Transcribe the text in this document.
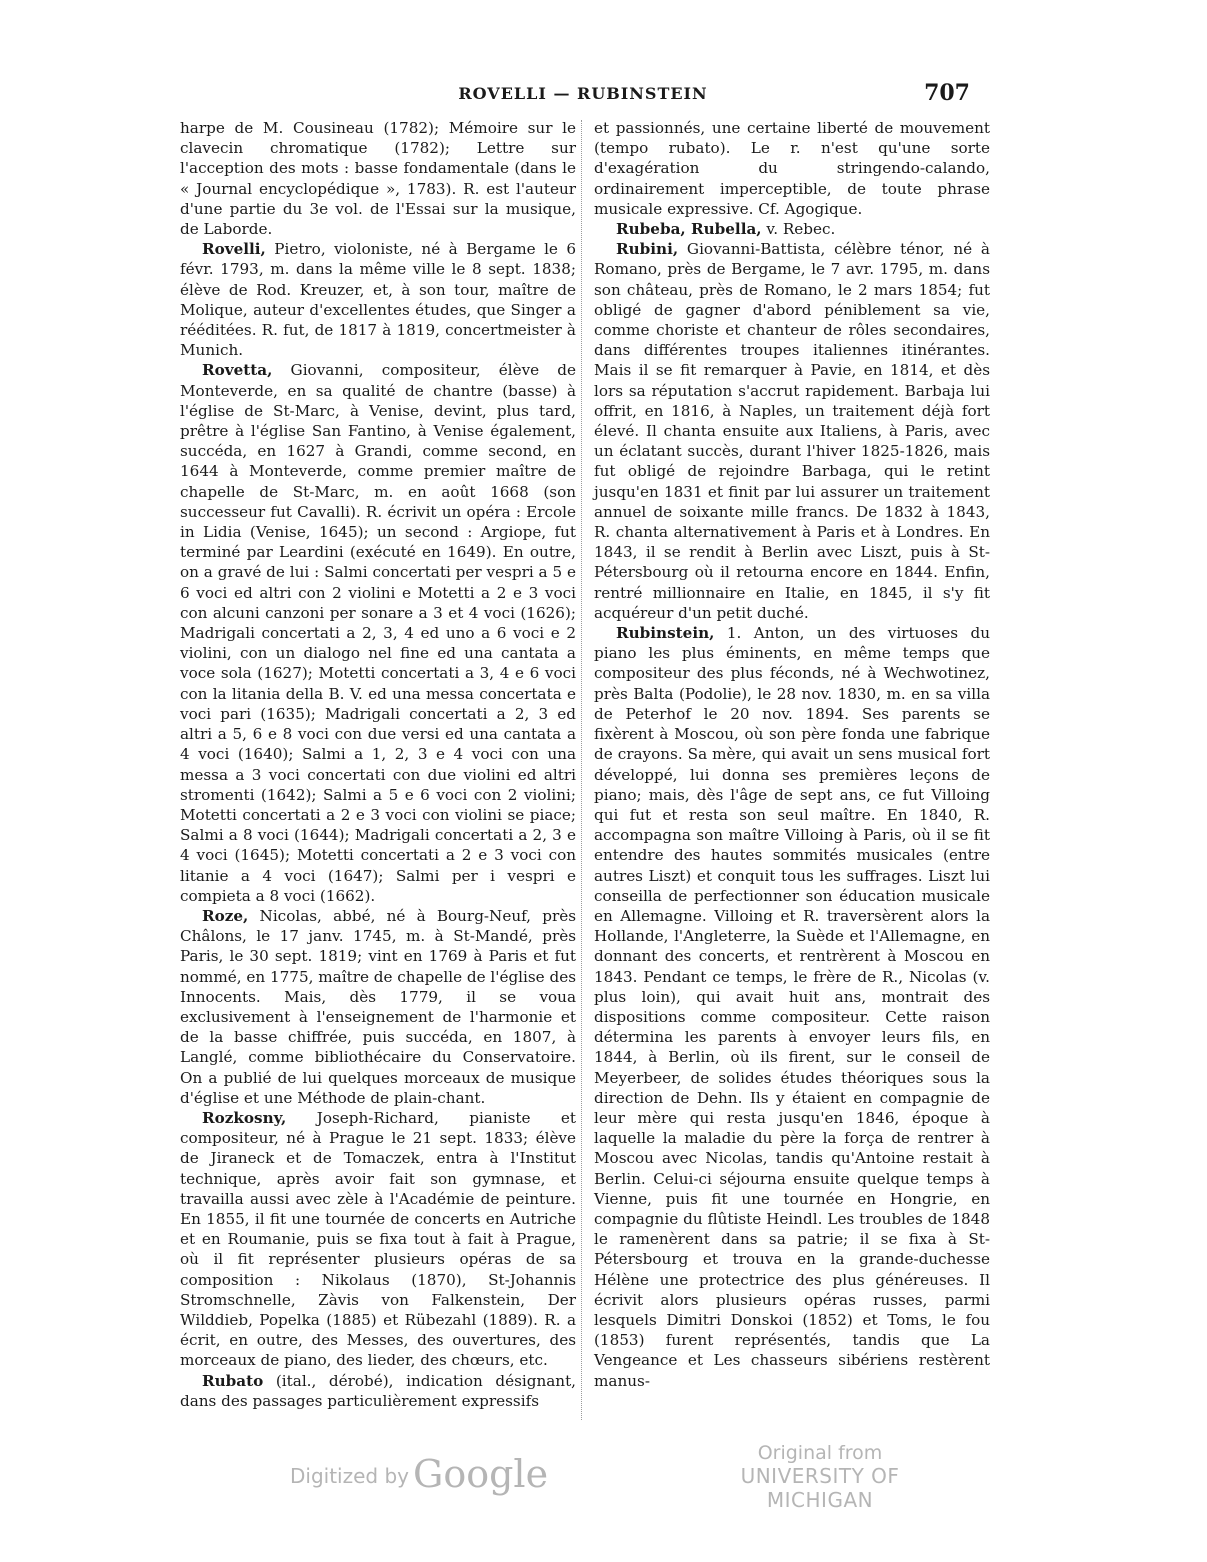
ROVELLI — RUBINSTEIN	707

harpe de M. Cousineau (1782); Mémoire sur le clavecin chromatique (1782); Lettre sur l'acception des mots : basse fondamentale (dans le « Journal encyclopédique », 1783). R. est l'auteur d'une partie du 3e vol. de l'Essai sur la musique, de Laborde.

Rovelli, Pietro, violoniste, né à Bergame le 6 févr. 1793, m. dans la même ville le 8 sept. 1838; élève de Rod. Kreuzer, et, à son tour, maître de Molique, auteur d'excellentes études, que Singer a rééditées. R. fut, de 1817 à 1819, concertmeister à Munich.

Rovetta, Giovanni, compositeur, élève de Monteverde, en sa qualité de chantre (basse) à l'église de St-Marc, à Venise, devint, plus tard, prêtre à l'église San Fantino, à Venise également, succéda, en 1627 à Grandi, comme second, en 1644 à Monteverde, comme premier maître de chapelle de St-Marc, m. en août 1668 (son successeur fut Cavalli). R. écrivit un opéra : Ercole in Lidia (Venise, 1645); un second : Argiope, fut terminé par Leardini (exécuté en 1649). En outre, on a gravé de lui : Salmi concertati per vespri a 5 e 6 voci ed altri con 2 violini e Motetti a 2 e 3 voci con alcuni canzoni per sonare a 3 et 4 voci (1626); Madrigali concertati a 2, 3, 4 ed uno a 6 voci e 2 violini, con un dialogo nel fine ed una cantata a voce sola (1627); Motetti concertati a 3, 4 e 6 voci con la litania della B. V. ed una messa concertata e voci pari (1635); Madrigali concertati a 2, 3 ed altri a 5, 6 e 8 voci con due versi ed una cantata a 4 voci (1640); Salmi a 1, 2, 3 e 4 voci con una messa a 3 voci concertati con due violini ed altri stromenti (1642); Salmi a 5 e 6 voci con 2 violini; Motetti concertati a 2 e 3 voci con violini se piace; Salmi a 8 voci (1644); Madrigali concertati a 2, 3 e 4 voci (1645); Motetti concertati a 2 e 3 voci con litanie a 4 voci (1647); Salmi per i vespri e compieta a 8 voci (1662).

Roze, Nicolas, abbé, né à Bourg-Neuf, près Châlons, le 17 janv. 1745, m. à St-Mandé, près Paris, le 30 sept. 1819; vint en 1769 à Paris et fut nommé, en 1775, maître de chapelle de l'église des Innocents. Mais, dès 1779, il se voua exclusivement à l'enseignement de l'harmonie et de la basse chiffrée, puis succéda, en 1807, à Langlé, comme bibliothécaire du Conservatoire. On a publié de lui quelques morceaux de musique d'église et une Méthode de plain-chant.

Rozkosny, Joseph-Richard, pianiste et compositeur, né à Prague le 21 sept. 1833; élève de Jiraneck et de Tomaczek, entra à l'Institut technique, après avoir fait son gymnase, et travailla aussi avec zèle à l'Académie de peinture. En 1855, il fit une tournée de concerts en Autriche et en Roumanie, puis se fixa tout à fait à Prague, où il fit représenter plusieurs opéras de sa composition : Nikolaus (1870), St-Johannis Stromschnelle, Zàvis von Falkenstein, Der Wilddieb, Popelka (1885) et Rübezahl (1889). R. a écrit, en outre, des Messes, des ouvertures, des morceaux de piano, des lieder, des chœurs, etc.

Rubato (ital., dérobé), indication désignant, dans des passages particulièrement expressifs

et passionnés, une certaine liberté de mouvement (tempo rubato). Le r. n'est qu'une sorte d'exagération du stringendo-calando, ordinairement imperceptible, de toute phrase musicale expressive. Cf. Agogique.

Rubeba, Rubella, v. Rebec.

Rubini, Giovanni-Battista, célèbre ténor, né à Romano, près de Bergame, le 7 avr. 1795, m. dans son château, près de Romano, le 2 mars 1854; fut obligé de gagner d'abord péniblement sa vie, comme choriste et chanteur de rôles secondaires, dans différentes troupes italiennes itinérantes. Mais il se fit remarquer à Pavie, en 1814, et dès lors sa réputation s'accrut rapidement. Barbaja lui offrit, en 1816, à Naples, un traitement déjà fort élevé. Il chanta ensuite aux Italiens, à Paris, avec un éclatant succès, durant l'hiver 1825-1826, mais fut obligé de rejoindre Barbaga, qui le retint jusqu'en 1831 et finit par lui assurer un traitement annuel de soixante mille francs. De 1832 à 1843, R. chanta alternativement à Paris et à Londres. En 1843, il se rendit à Berlin avec Liszt, puis à St-Pétersbourg où il retourna encore en 1844. Enfin, rentré millionnaire en Italie, en 1845, il s'y fit acquéreur d'un petit duché.

Rubinstein, 1. Anton, un des virtuoses du piano les plus éminents, en même temps que compositeur des plus féconds, né à Wechwotinez, près Balta (Podolie), le 28 nov. 1830, m. en sa villa de Peterhof le 20 nov. 1894. Ses parents se fixèrent à Moscou, où son père fonda une fabrique de crayons. Sa mère, qui avait un sens musical fort développé, lui donna ses premières leçons de piano; mais, dès l'âge de sept ans, ce fut Villoing qui fut et resta son seul maître. En 1840, R. accompagna son maître Villoing à Paris, où il se fit entendre des hautes sommités musicales (entre autres Liszt) et conquit tous les suffrages. Liszt lui conseilla de perfectionner son éducation musicale en Allemagne. Villoing et R. traversèrent alors la Hollande, l'Angleterre, la Suède et l'Allemagne, en donnant des concerts, et rentrèrent à Moscou en 1843. Pendant ce temps, le frère de R., Nicolas (v. plus loin), qui avait huit ans, montrait des dispositions comme compositeur. Cette raison détermina les parents à envoyer leurs fils, en 1844, à Berlin, où ils firent, sur le conseil de Meyerbeer, de solides études théoriques sous la direction de Dehn. Ils y étaient en compagnie de leur mère qui resta jusqu'en 1846, époque à laquelle la maladie du père la força de rentrer à Moscou avec Nicolas, tandis qu'Antoine restait à Berlin. Celui-ci séjourna ensuite quelque temps à Vienne, puis fit une tournée en Hongrie, en compagnie du flûtiste Heindl. Les troubles de 1848 le ramenèrent dans sa patrie; il se fixa à St-Pétersbourg et trouva en la grande-duchesse Hélène une protectrice des plus généreuses. Il écrivit alors plusieurs opéras russes, parmi lesquels Dimitri Donskoi (1852) et Toms, le fou (1853) furent représentés, tandis que La Vengeance et Les chasseurs sibériens restèrent manus-

Digitized by Google	Original from
UNIVERSITY OF MICHIGAN
